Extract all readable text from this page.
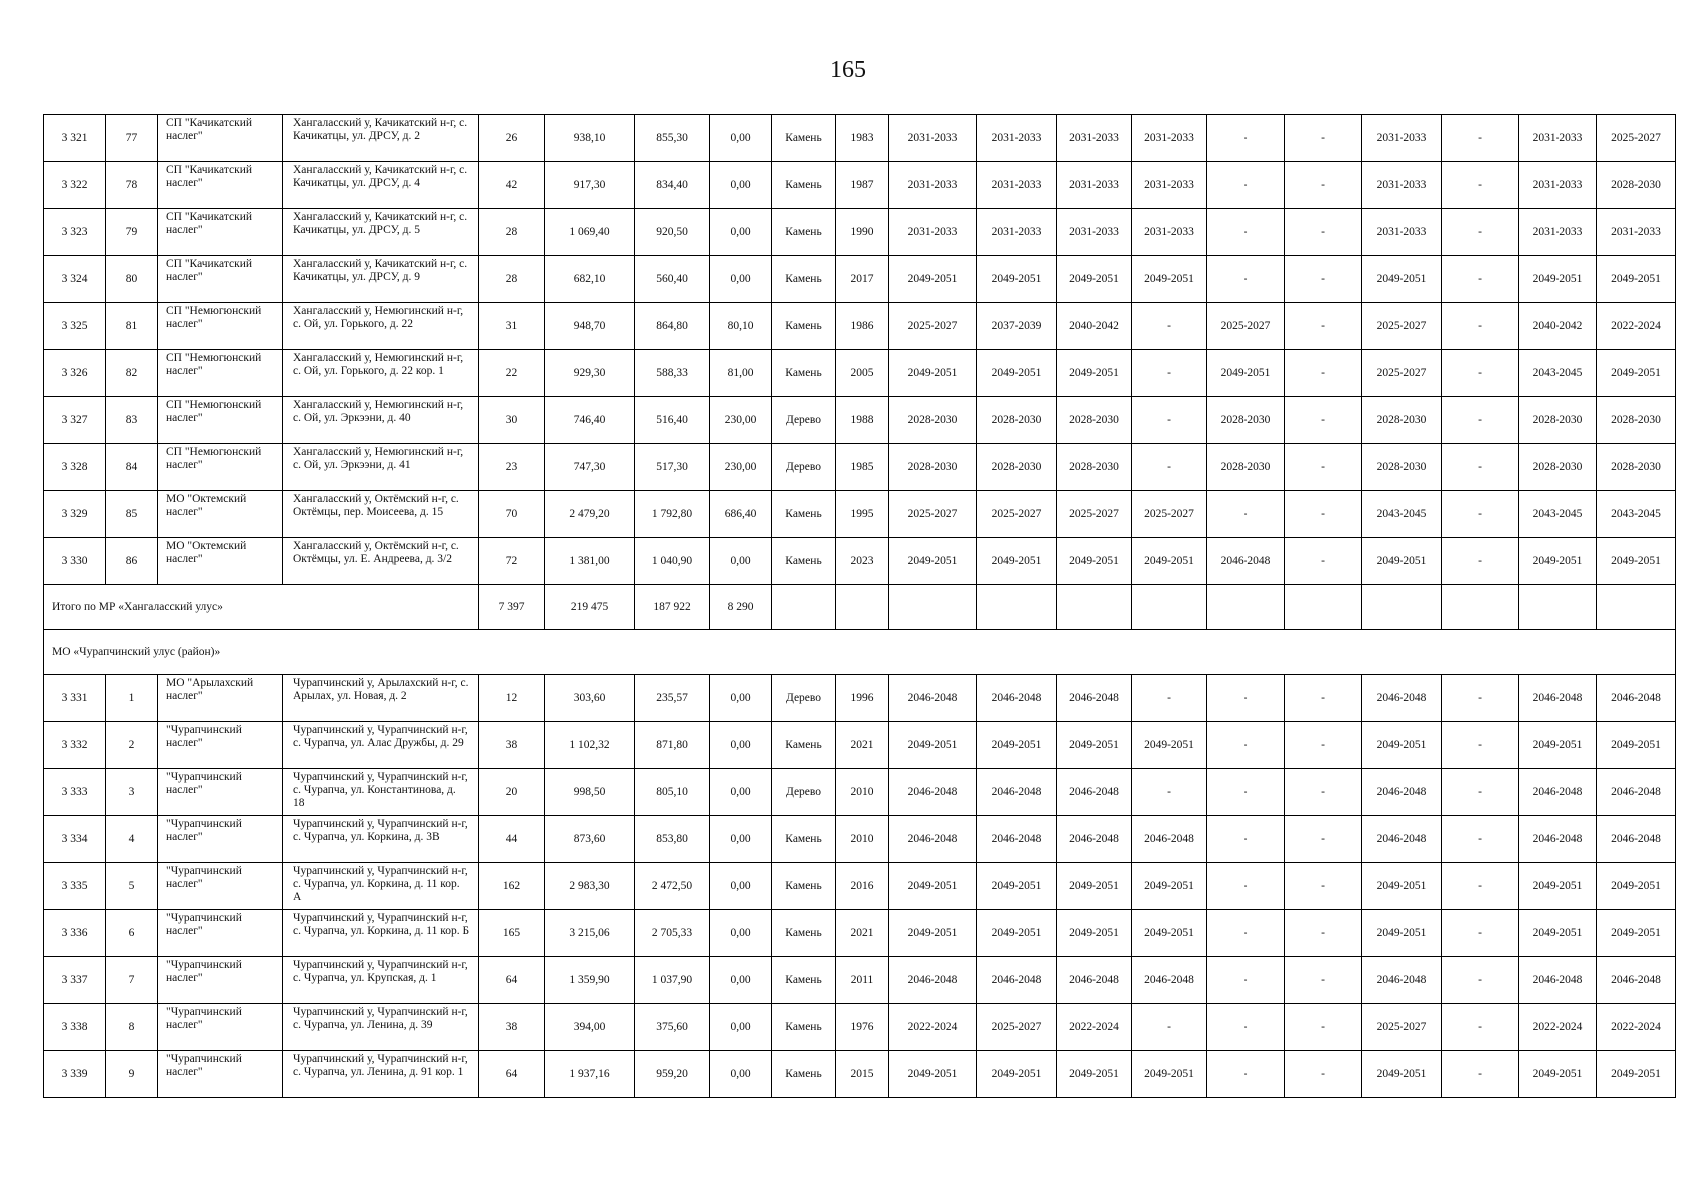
165
3 321	77	СП "Качикатский наслег"	Хангаласский у, Качикатский н-г, с. Качикатцы, ул. ДРСУ, д. 2	26	938,10	855,30	0,00	Камень	1983	2031-2033	2031-2033	2031-2033	2031-2033	-	-	2031-2033	-	2031-2033	2025-2027
3 322	78	СП "Качикатский наслег"	Хангаласский у, Качикатский н-г, с. Качикатцы, ул. ДРСУ, д. 4	42	917,30	834,40	0,00	Камень	1987	2031-2033	2031-2033	2031-2033	2031-2033	-	-	2031-2033	-	2031-2033	2028-2030
3 323	79	СП "Качикатский наслег"	Хангаласский у, Качикатский н-г, с. Качикатцы, ул. ДРСУ, д. 5	28	1 069,40	920,50	0,00	Камень	1990	2031-2033	2031-2033	2031-2033	2031-2033	-	-	2031-2033	-	2031-2033	2031-2033
3 324	80	СП "Качикатский наслег"	Хангаласский у, Качикатский н-г, с. Качикатцы, ул. ДРСУ, д. 9	28	682,10	560,40	0,00	Камень	2017	2049-2051	2049-2051	2049-2051	2049-2051	-	-	2049-2051	-	2049-2051	2049-2051
3 325	81	СП "Немюгюнский наслег"	Хангаласский у, Немюгинский н-г, с. Ой, ул. Горького, д. 22	31	948,70	864,80	80,10	Камень	1986	2025-2027	2037-2039	2040-2042	-	2025-2027	-	2025-2027	-	2040-2042	2022-2024
3 326	82	СП "Немюгюнский наслег"	Хангаласский у, Немюгинский н-г, с. Ой, ул. Горького, д. 22 кор. 1	22	929,30	588,33	81,00	Камень	2005	2049-2051	2049-2051	2049-2051	-	2049-2051	-	2025-2027	-	2043-2045	2049-2051
3 327	83	СП "Немюгюнский наслег"	Хангаласский у, Немюгинский н-г, с. Ой, ул. Эркээни, д. 40	30	746,40	516,40	230,00	Дерево	1988	2028-2030	2028-2030	2028-2030	-	2028-2030	-	2028-2030	-	2028-2030	2028-2030
3 328	84	СП "Немюгюнский наслег"	Хангаласский у, Немюгинский н-г, с. Ой, ул. Эркээни, д. 41	23	747,30	517,30	230,00	Дерево	1985	2028-2030	2028-2030	2028-2030	-	2028-2030	-	2028-2030	-	2028-2030	2028-2030
3 329	85	МО "Октемский наслег"	Хангаласский у, Октёмский н-г, с. Октёмцы, пер. Моисеева, д. 15	70	2 479,20	1 792,80	686,40	Камень	1995	2025-2027	2025-2027	2025-2027	2025-2027	-	-	2043-2045	-	2043-2045	2043-2045
3 330	86	МО "Октемский наслег"	Хангаласский у, Октёмский н-г, с. Октёмцы, ул. Е. Андреева, д. 3/2	72	1 381,00	1 040,90	0,00	Камень	2023	2049-2051	2049-2051	2049-2051	2049-2051	2046-2048	-	2049-2051	-	2049-2051	2049-2051
Итого по МР «Хангаласский улус»				7 397	219 475	187 922	8 290												
МО «Чурапчинский улус (район)»																			
3 331	1	МО "Арылахский наслег"	Чурапчинский у, Арылахский н-г, с. Арылах, ул. Новая, д. 2	12	303,60	235,57	0,00	Дерево	1996	2046-2048	2046-2048	2046-2048	-	-	-	2046-2048	-	2046-2048	2046-2048
3 332	2	"Чурапчинский наслег"	Чурапчинский у, Чурапчинский н-г, с. Чурапча, ул. Алас Дружбы, д. 29	38	1 102,32	871,80	0,00	Камень	2021	2049-2051	2049-2051	2049-2051	2049-2051	-	-	2049-2051	-	2049-2051	2049-2051
3 333	3	"Чурапчинский наслег"	Чурапчинский у, Чурапчинский н-г, с. Чурапча, ул. Константинова, д. 18	20	998,50	805,10	0,00	Дерево	2010	2046-2048	2046-2048	2046-2048	-	-	-	2046-2048	-	2046-2048	2046-2048
3 334	4	"Чурапчинский наслег"	Чурапчинский у, Чурапчинский н-г, с. Чурапча, ул. Коркина, д. 3В	44	873,60	853,80	0,00	Камень	2010	2046-2048	2046-2048	2046-2048	2046-2048	-	-	2046-2048	-	2046-2048	2046-2048
3 335	5	"Чурапчинский наслег"	Чурапчинский у, Чурапчинский н-г, с. Чурапча, ул. Коркина, д. 11 кор. А	162	2 983,30	2 472,50	0,00	Камень	2016	2049-2051	2049-2051	2049-2051	2049-2051	-	-	2049-2051	-	2049-2051	2049-2051
3 336	6	"Чурапчинский наслег"	Чурапчинский у, Чурапчинский н-г, с. Чурапча, ул. Коркина, д. 11 кор. Б	165	3 215,06	2 705,33	0,00	Камень	2021	2049-2051	2049-2051	2049-2051	2049-2051	-	-	2049-2051	-	2049-2051	2049-2051
3 337	7	"Чурапчинский наслег"	Чурапчинский у, Чурапчинский н-г, с. Чурапча, ул. Крупская, д. 1	64	1 359,90	1 037,90	0,00	Камень	2011	2046-2048	2046-2048	2046-2048	2046-2048	-	-	2046-2048	-	2046-2048	2046-2048
3 338	8	"Чурапчинский наслег"	Чурапчинский у, Чурапчинский н-г, с. Чурапча, ул. Ленина, д. 39	38	394,00	375,60	0,00	Камень	1976	2022-2024	2025-2027	2022-2024	-	-	-	2025-2027	-	2022-2024	2022-2024
3 339	9	"Чурапчинский наслег"	Чурапчинский у, Чурапчинский н-г, с. Чурапча, ул. Ленина, д. 91 кор. 1	64	1 937,16	959,20	0,00	Камень	2015	2049-2051	2049-2051	2049-2051	2049-2051	-	-	2049-2051	-	2049-2051	2049-2051
